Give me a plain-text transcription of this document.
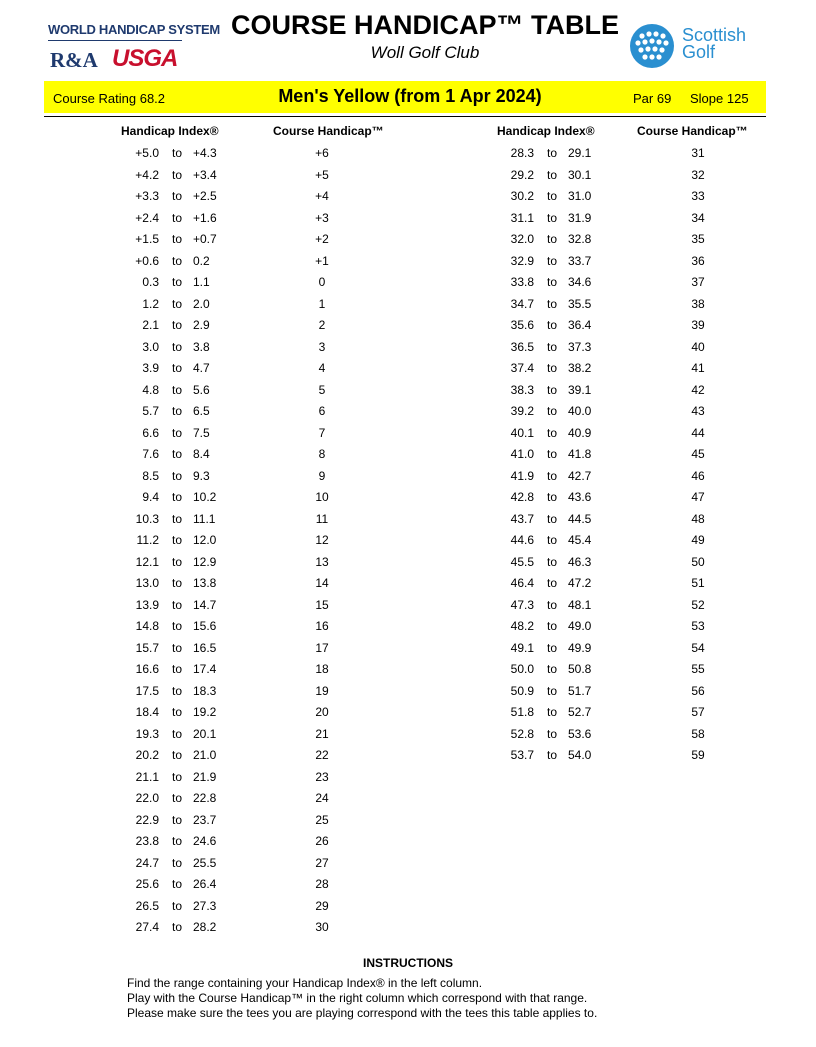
WORLD HANDICAP SYSTEM
R&A USGA
COURSE HANDICAP™ TABLE
Woll Golf Club
Scottish
Golf
Course Rating 68.2	Men's Yellow (from 1 Apr 2024)	Par 69 Slope 125
Handicap Index®	Course Handicap™	Handicap Index®	Course Handicap™
+5.0	to +4.3	+6
+4.2	to +3.4	+5
+3.3	to +2.5	+4
+2.4	to +1.6	+3
+1.5	to +0.7	+2
+0.6	to 0.2	+1
0.3	to 1.1	0
1.2	to 2.0	1
2.1	to 2.9	2
3.0	to 3.8	3
3.9	to 4.7	4
4.8	to 5.6	5
5.7	to 6.5	6
6.6	to 7.5	7
7.6	to 8.4	8
8.5	to 9.3	9
9.4	to 10.2	10
10.3	to 11.1	11
11.2	to 12.0	12
12.1	to 12.9	13
13.0	to 13.8	14
13.9	to 14.7	15
14.8	to 15.6	16
15.7	to 16.5	17
16.6	to 17.4	18
17.5	to 18.3	19
18.4	to 19.2	20
19.3	to 20.1	21
20.2	to 21.0	22
21.1	to 21.9	23
22.0	to 22.8	24
22.9	to 23.7	25
23.8	to 24.6	26
24.7	to 25.5	27
25.6	to 26.4	28
26.5	to 27.3	29
27.4	to 28.2	30
28.3	to 29.1	31
29.2	to 30.1	32
30.2	to 31.0	33
31.1	to 31.9	34
32.0	to 32.8	35
32.9	to 33.7	36
33.8	to 34.6	37
34.7	to 35.5	38
35.6	to 36.4	39
36.5	to 37.3	40
37.4	to 38.2	41
38.3	to 39.1	42
39.2	to 40.0	43
40.1	to 40.9	44
41.0	to 41.8	45
41.9	to 42.7	46
42.8	to 43.6	47
43.7	to 44.5	48
44.6	to 45.4	49
45.5	to 46.3	50
46.4	to 47.2	51
47.3	to 48.1	52
48.2	to 49.0	53
49.1	to 49.9	54
50.0	to 50.8	55
50.9	to 51.7	56
51.8	to 52.7	57
52.8	to 53.6	58
53.7	to 54.0	59
INSTRUCTIONS
Find the range containing your Handicap Index® in the left column.
Play with the Course Handicap™ in the right column which correspond with that range.
Please make sure the tees you are playing correspond with the tees this table applies to.
